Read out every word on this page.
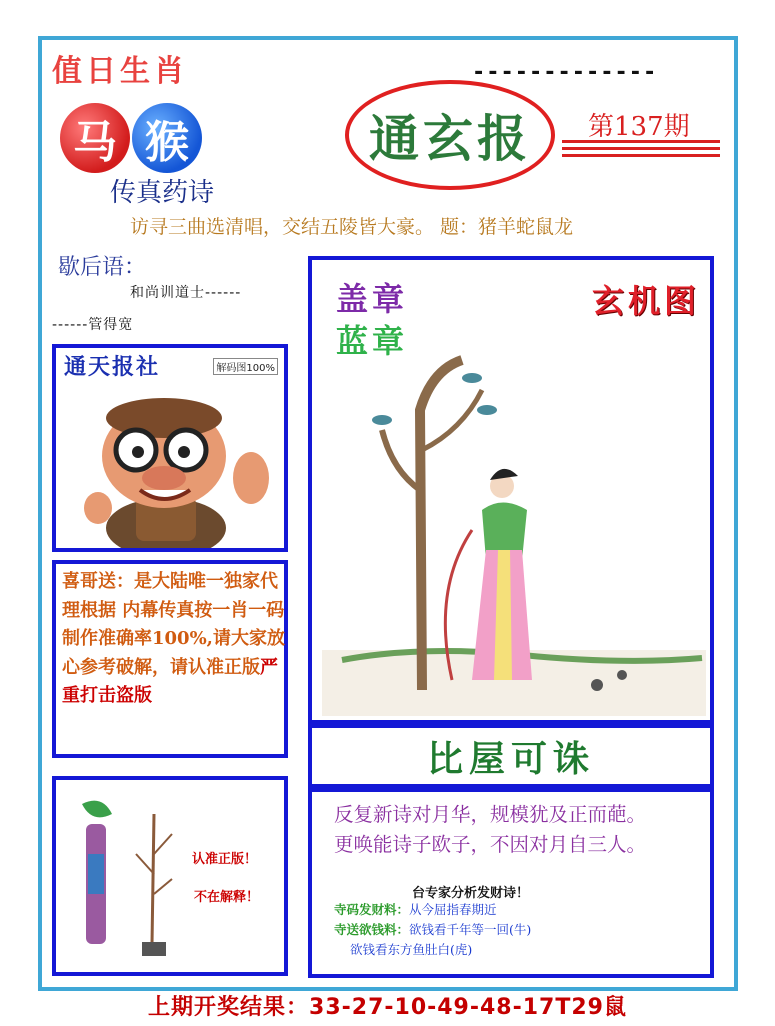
值日生肖	-------------
马 猴
传真药诗
通玄报	第137期
访寻三曲选清唱，交结五陵皆大豪。 题：猪羊蛇鼠龙
歇后语：
和尚训道士------
------管得宽
通天报社	解码图100%
喜哥送：是大陆唯一独家代理根据 内幕传真按一肖一码制作准确率100%,请大家放心参考破解，请认准正版严重打击盗版
认准正版！
不在解释！
盖章
蓝章
玄机图
比屋可诛
反复新诗对月华，规模犹及正而葩。
更唤能诗子欧子，不因对月自三人。
台专家分析发财诗！
寺码发财料：从今屈指春期近
寺送欲钱料：欲钱看千年等一回(牛)
欲钱看东方鱼肚白(虎)
上期开奖结果：33-27-10-49-48-17T29鼠
